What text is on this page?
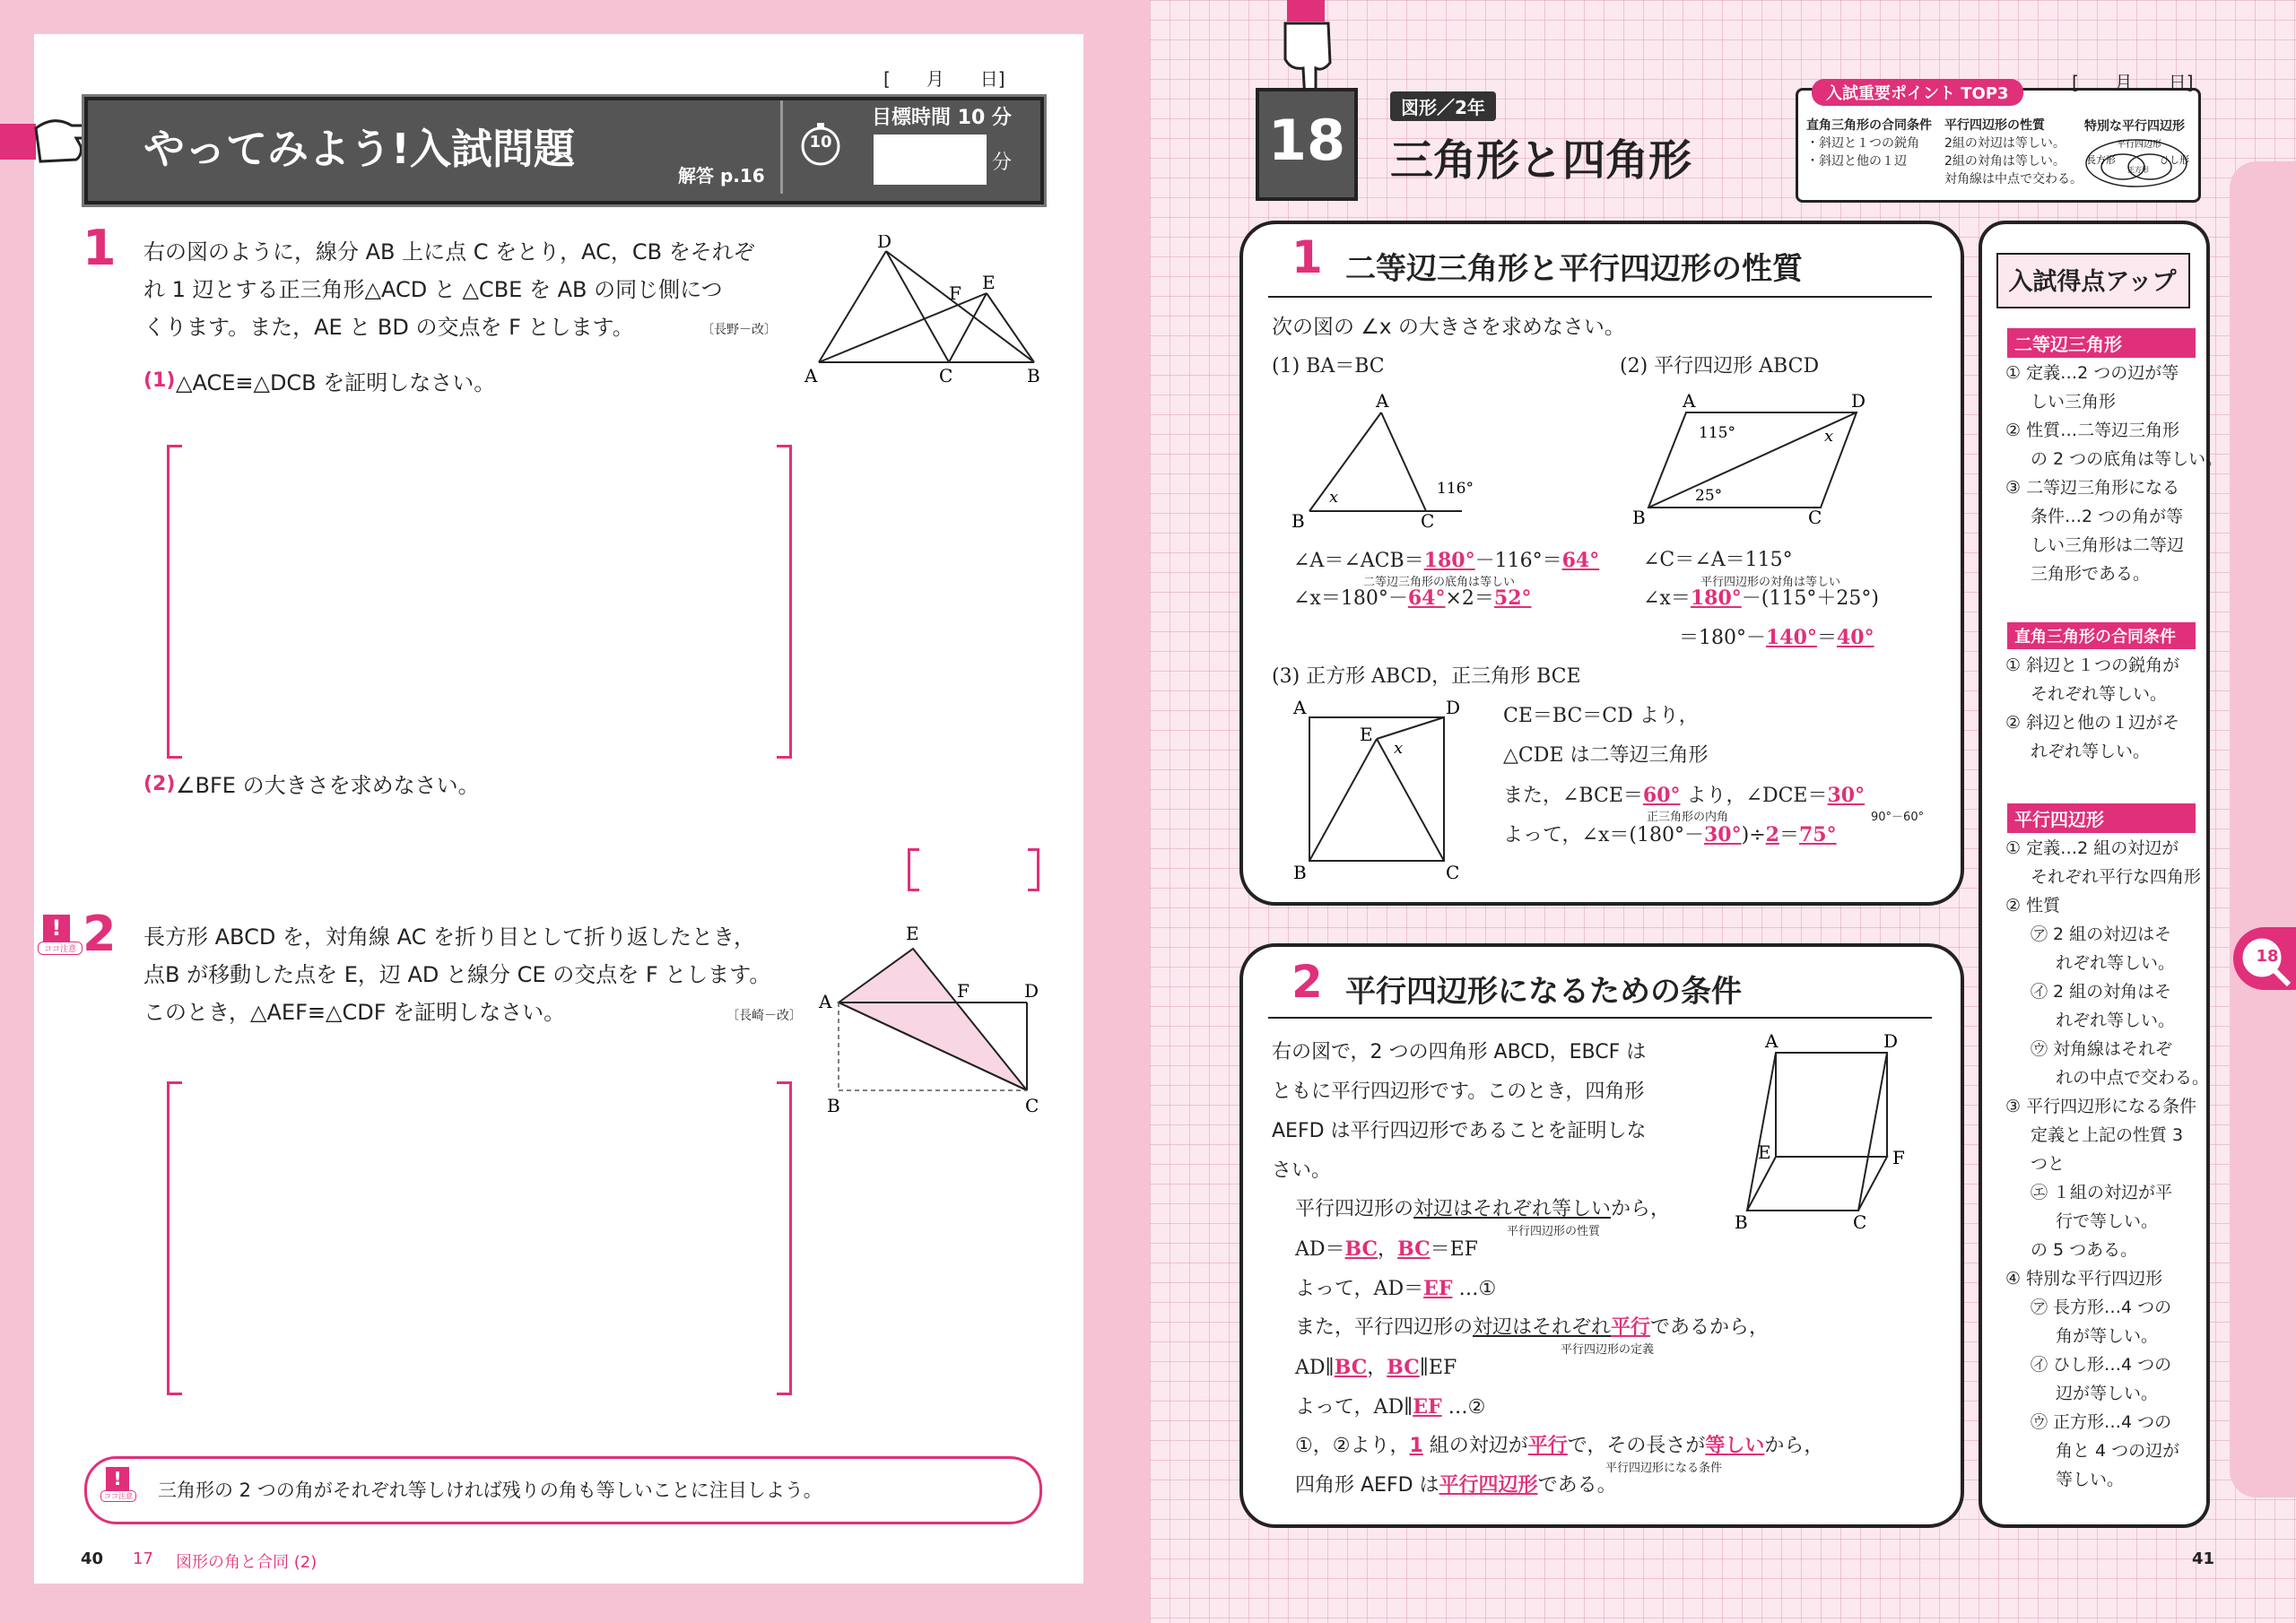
[　　月　　日]
やってみよう!入試問題
解答 p.16
10
目標時間 10 分
分
1 右の図のように，線分 AB 上に点 C をとり，AC，CB をそれぞ
れ 1 辺とする正三角形△ACD と △CBE を AB の同じ側につ
くります。また，AE と BD の交点を F とします。	〔長野－改〕
D
E
F
A	C	B
(1) △ACE≡△DCB を証明しなさい。
(2) ∠BFE の大きさを求めなさい。
!
ココ注意 2 長方形 ABCD を，対角線 AC を折り目として折り返したとき，
点B が移動した点を E，辺 AD と線分 CE の交点を F とします。
このとき，△AEF≡△CDF を証明しなさい。	〔長崎－改〕
E
A	F	D
B	C
!
ココ注意 三角形の 2 つの角がそれぞれ等しければ残りの角も等しいことに注目しよう。
40 17 図形の角と合同 (2)
18	図形／2年
三角形と四角形
入試重要ポイント TOP3
[　　月　　日]
直角三角形の合同条件
・斜辺と１つの鋭角
・斜辺と他の１辺
平行四辺形の性質
2組の対辺は等しい。
2組の対角は等しい。
対角線は中点で交わる。
特別な平行四辺形
平行四辺形
長方形	ひし形
正方形
1 二等辺三角形と平行四辺形の性質
次の図の ∠x の大きさを求めなさい。
(1) BA＝BC
A
B	C
x	116°
∠A＝∠ACB＝180°－116°＝64°
二等辺三角形の底角は等しい
∠x＝180°－64°×2＝52°
(2) 平行四辺形 ABCD
A	D
B	C
115°
25°
x
∠C＝∠A＝115°
平行四辺形の対角は等しい
∠x＝180°－(115°＋25°)
＝180°－140°＝40°
(3) 正方形 ABCD，正三角形 BCE
A	D
E
x
B	C
CE＝BC＝CD より，
△CDE は二等辺三角形
また，∠BCE＝60° より，∠DCE＝30°
正三角形の内角	90°－60°
よって，∠x＝(180°－30°)÷2＝75°
2 平行四辺形になるための条件
右の図で，2 つの四角形 ABCD，EBCF は
ともに平行四辺形です。このとき，四角形
AEFD は平行四辺形であることを証明しな
さい。
A	D
E	F
B	C
平行四辺形の対辺はそれぞれ等しいから，
平行四辺形の性質
AD＝BC，BC＝EF
よって，AD＝EF …①
また，平行四辺形の対辺はそれぞれ平行であるから，
平行四辺形の定義
AD∥BC，BC∥EF
よって，AD∥EF …②
①，②より，1 組の対辺が平行で，その長さが等しいから，
平行四辺形になる条件
四角形 AEFD は平行四辺形である。
入試得点アップ
二等辺三角形
① 定義…2 つの辺が等
しい三角形
② 性質…二等辺三角形
の 2 つの底角は等しい。
③ 二等辺三角形になる
条件…2 つの角が等
しい三角形は二等辺
三角形である。
直角三角形の合同条件
① 斜辺と１つの鋭角が
それぞれ等しい。
② 斜辺と他の１辺がそ
れぞれ等しい。
平行四辺形
① 定義…2 組の対辺が
それぞれ平行な四角形
② 性質
㋐ 2 組の対辺はそ
れぞれ等しい。
㋑ 2 組の対角はそ
れぞれ等しい。
㋒ 対角線はそれぞ
れの中点で交わる。
③ 平行四辺形になる条件
定義と上記の性質 3
つと
㋓ １組の対辺が平
行で等しい。
の 5 つある。
④ 特別な平行四辺形
㋐ 長方形…4 つの
角が等しい。
㋑ ひし形…4 つの
辺が等しい。
㋒ 正方形…4 つの
角と 4 つの辺が
等しい。
18
41
